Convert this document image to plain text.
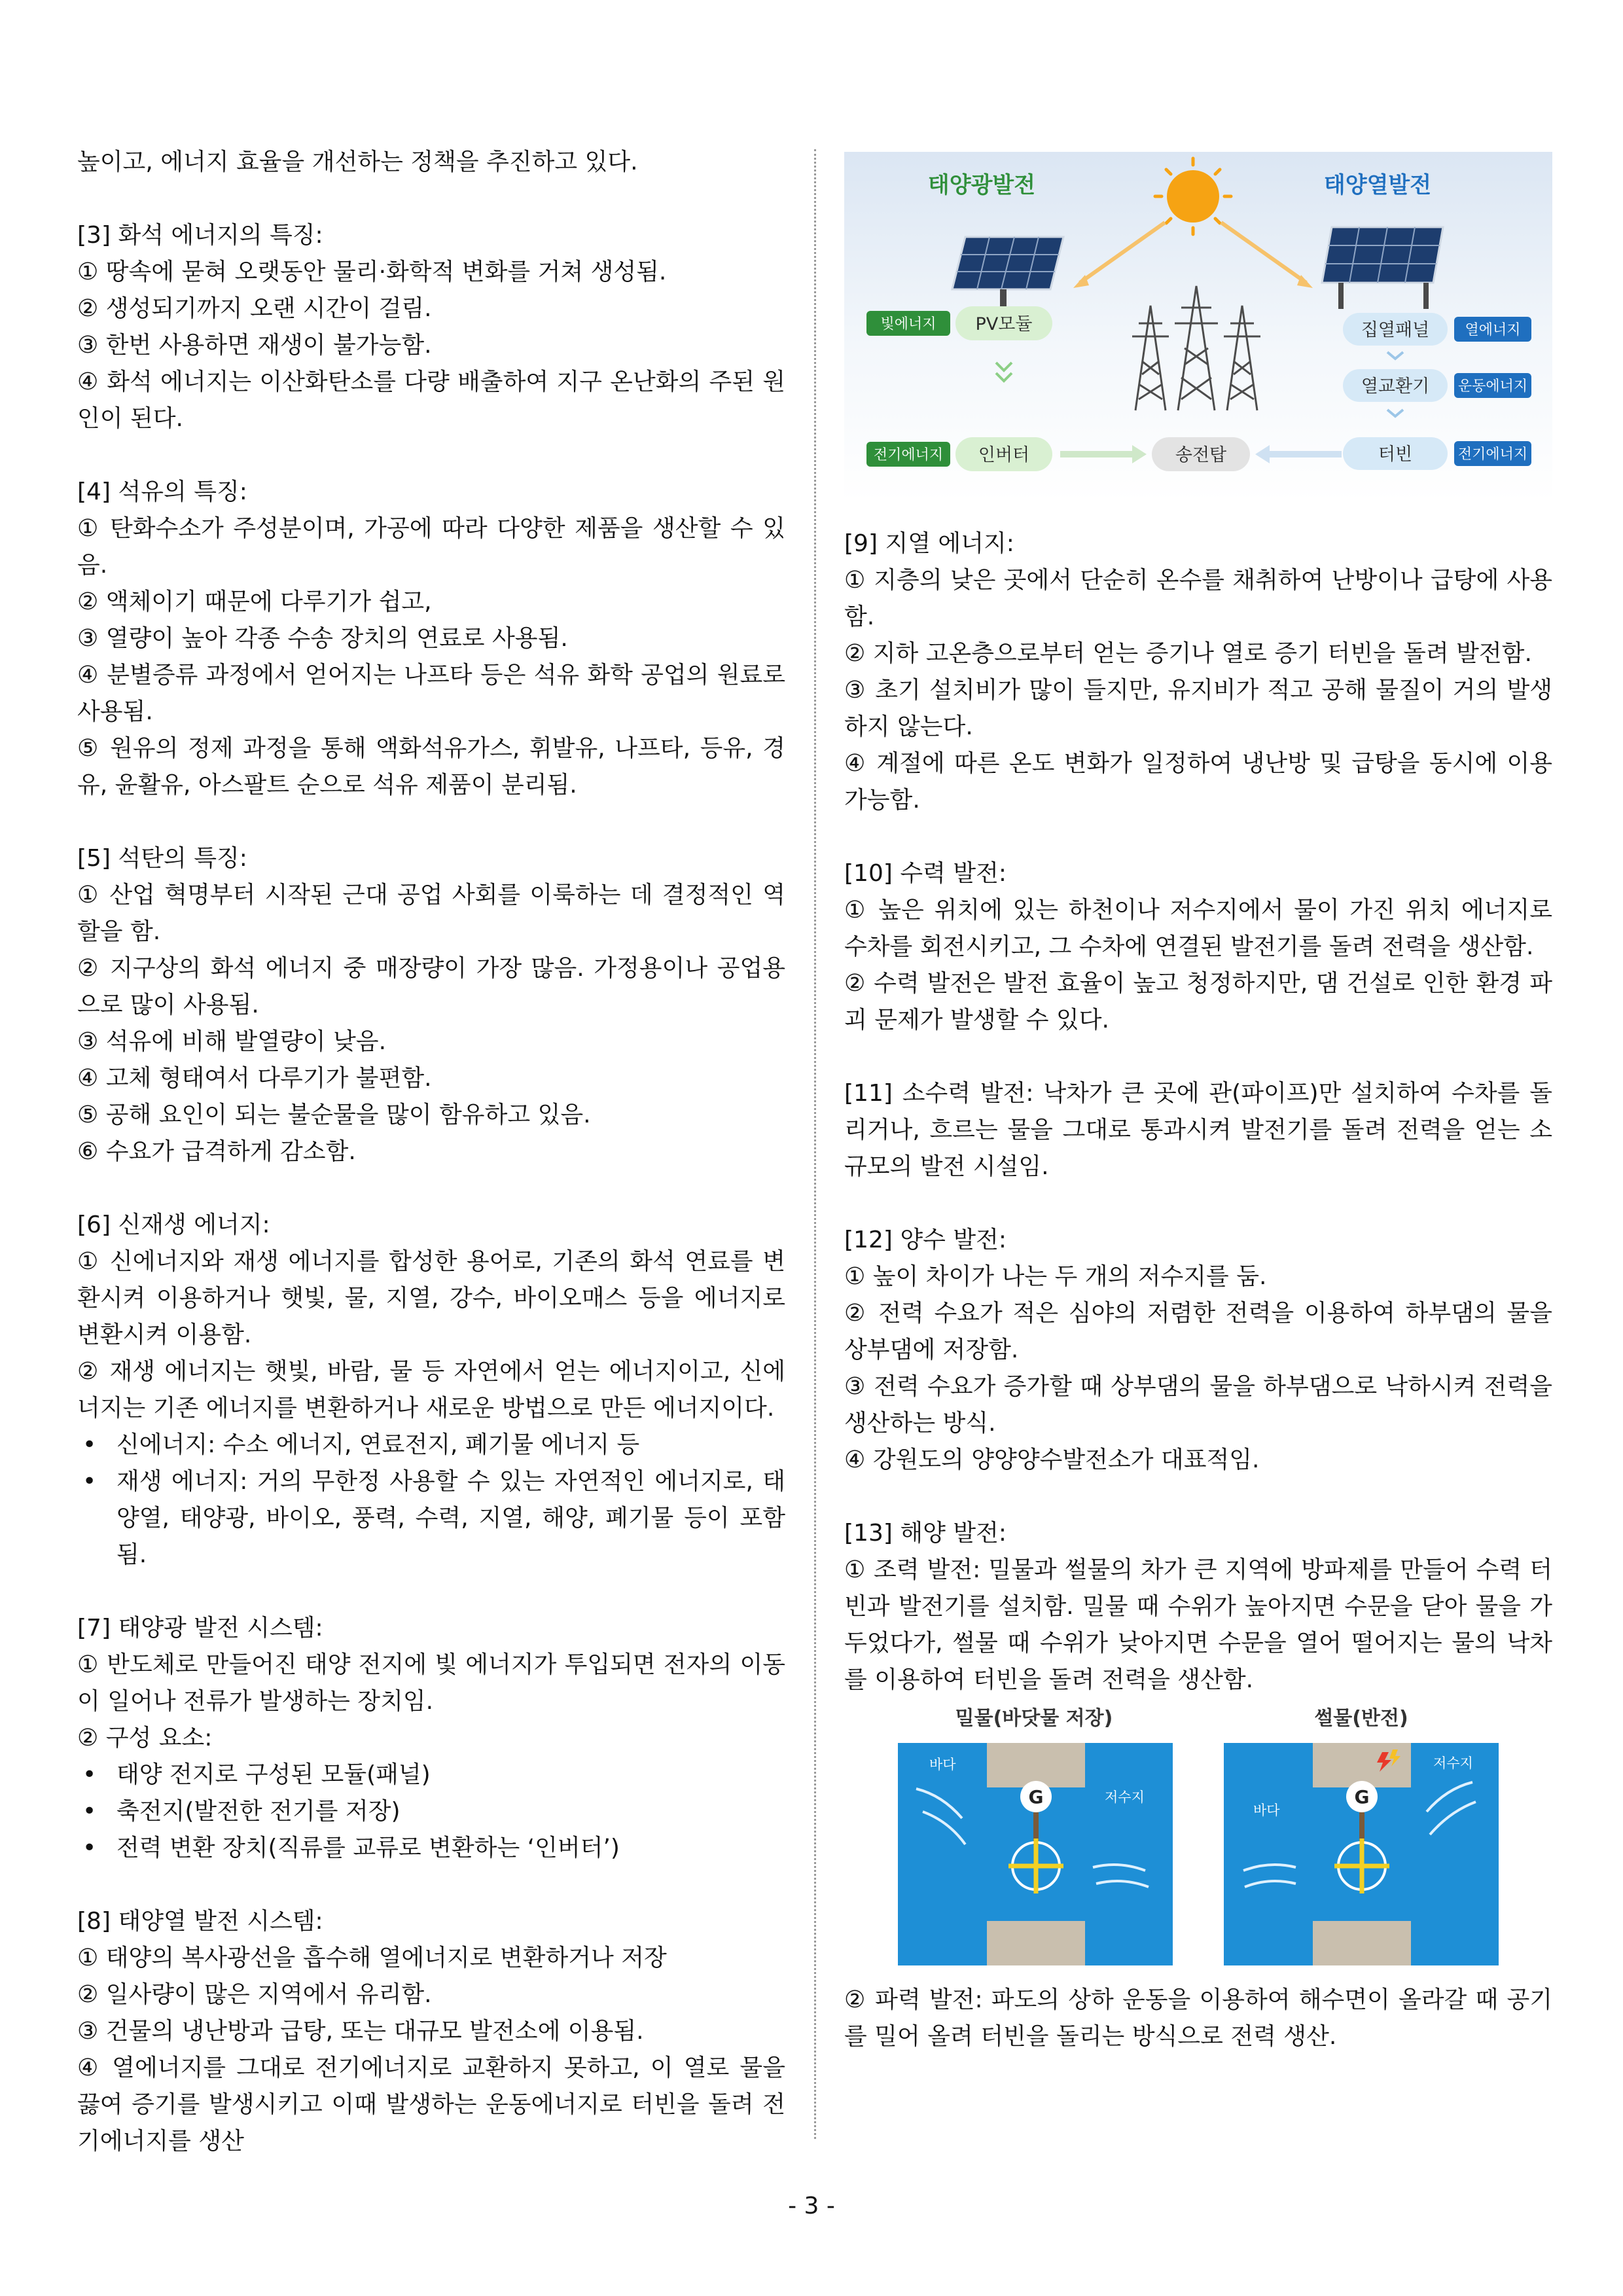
높이고, 에너지 효율을 개선하는 정책을 추진하고 있다.

[3] 화석 에너지의 특징:

① 땅속에 묻혀 오랫동안 물리·화학적 변화를 거쳐 생성됨.

② 생성되기까지 오랜 시간이 걸림.

③ 한번 사용하면 재생이 불가능함.

④ 화석 에너지는 이산화탄소를 다량 배출하여 지구 온난화의 주된 원인이 된다.

[4] 석유의 특징:

① 탄화수소가 주성분이며, 가공에 따라 다양한 제품을 생산할 수 있음.

② 액체이기 때문에 다루기가 쉽고,

③ 열량이 높아 각종 수송 장치의 연료로 사용됨.

④ 분별증류 과정에서 얻어지는 나프타 등은 석유 화학 공업의 원료로 사용됨.

⑤ 원유의 정제 과정을 통해 액화석유가스, 휘발유, 나프타, 등유, 경유, 윤활유, 아스팔트 순으로 석유 제품이 분리됨.

[5] 석탄의 특징:

① 산업 혁명부터 시작된 근대 공업 사회를 이룩하는 데 결정적인 역할을 함.

② 지구상의 화석 에너지 중 매장량이 가장 많음. 가정용이나 공업용으로 많이 사용됨.

③ 석유에 비해 발열량이 낮음.

④ 고체 형태여서 다루기가 불편함.

⑤ 공해 요인이 되는 불순물을 많이 함유하고 있음.

⑥ 수요가 급격하게 감소함.

[6] 신재생 에너지:

① 신에너지와 재생 에너지를 합성한 용어로, 기존의 화석 연료를 변환시켜 이용하거나 햇빛, 물, 지열, 강수, 바이오매스 등을 에너지로 변환시켜 이용함.

② 재생 에너지는 햇빛, 바람, 물 등 자연에서 얻는 에너지이고, 신에너지는 기존 에너지를 변환하거나 새로운 방법으로 만든 에너지이다.

• 신에너지: 수소 에너지, 연료전지, 폐기물 에너지 등
• 재생 에너지: 거의 무한정 사용할 수 있는 자연적인 에너지로, 태양열, 태양광, 바이오, 풍력, 수력, 지열, 해양, 폐기물 등이 포함됨.

[7] 태양광 발전 시스템:

① 반도체로 만들어진 태양 전지에 빛 에너지가 투입되면 전자의 이동이 일어나 전류가 발생하는 장치임.

② 구성 요소:

• 태양 전지로 구성된 모듈(패널)
• 축전지(발전한 전기를 저장)
• 전력 변환 장치(직류를 교류로 변환하는 ‘인버터’)

[8] 태양열 발전 시스템:

① 태양의 복사광선을 흡수해 열에너지로 변환하거나 저장

② 일사량이 많은 지역에서 유리함.

③ 건물의 냉난방과 급탕, 또는 대규모 발전소에 이용됨.

④ 열에너지를 그대로 전기에너지로 교환하지 못하고, 이 열로 물을 끓여 증기를 발생시키고 이때 발생하는 운동에너지로 터빈을 돌려 전기에너지를 생산

태양광발전	태양열발전
빛에너지 PV모듈
전기에너지 인버터	송전탑
집열패널 열에너지
열교환기 운동에너지
터빈	전기에너지

[9] 지열 에너지:

① 지층의 낮은 곳에서 단순히 온수를 채취하여 난방이나 급탕에 사용함.

② 지하 고온층으로부터 얻는 증기나 열로 증기 터빈을 돌려 발전함.

③ 초기 설치비가 많이 들지만, 유지비가 적고 공해 물질이 거의 발생하지 않는다.

④ 계절에 따른 온도 변화가 일정하여 냉난방 및 급탕을 동시에 이용 가능함.

[10] 수력 발전:

① 높은 위치에 있는 하천이나 저수지에서 물이 가진 위치 에너지로 수차를 회전시키고, 그 수차에 연결된 발전기를 돌려 전력을 생산함.

② 수력 발전은 발전 효율이 높고 청정하지만, 댐 건설로 인한 환경 파괴 문제가 발생할 수 있다.

[11] 소수력 발전: 낙차가 큰 곳에 관(파이프)만 설치하여 수차를 돌리거나, 흐르는 물을 그대로 통과시켜 발전기를 돌려 전력을 얻는 소규모의 발전 시설임.

[12] 양수 발전:

① 높이 차이가 나는 두 개의 저수지를 둠.

② 전력 수요가 적은 심야의 저렴한 전력을 이용하여 하부댐의 물을 상부댐에 저장함.

③ 전력 수요가 증가할 때 상부댐의 물을 하부댐으로 낙하시켜 전력을 생산하는 방식.

④ 강원도의 양양양수발전소가 대표적임.

[13] 해양 발전:

① 조력 발전: 밀물과 썰물의 차가 큰 지역에 방파제를 만들어 수력 터빈과 발전기를 설치함. 밀물 때 수위가 높아지면 수문을 닫아 물을 가두었다가, 썰물 때 수위가 낮아지면 수문을 열어 떨어지는 물의 낙차를 이용하여 터빈을 돌려 전력을 생산함.

밀물(바닷물 저장)	썰물(반전)
바다
저수지
G
저수지
바다
G

② 파력 발전: 파도의 상하 운동을 이용하여 해수면이 올라갈 때 공기를 밀어 올려 터빈을 돌리는 방식으로 전력 생산.

- 3 -
